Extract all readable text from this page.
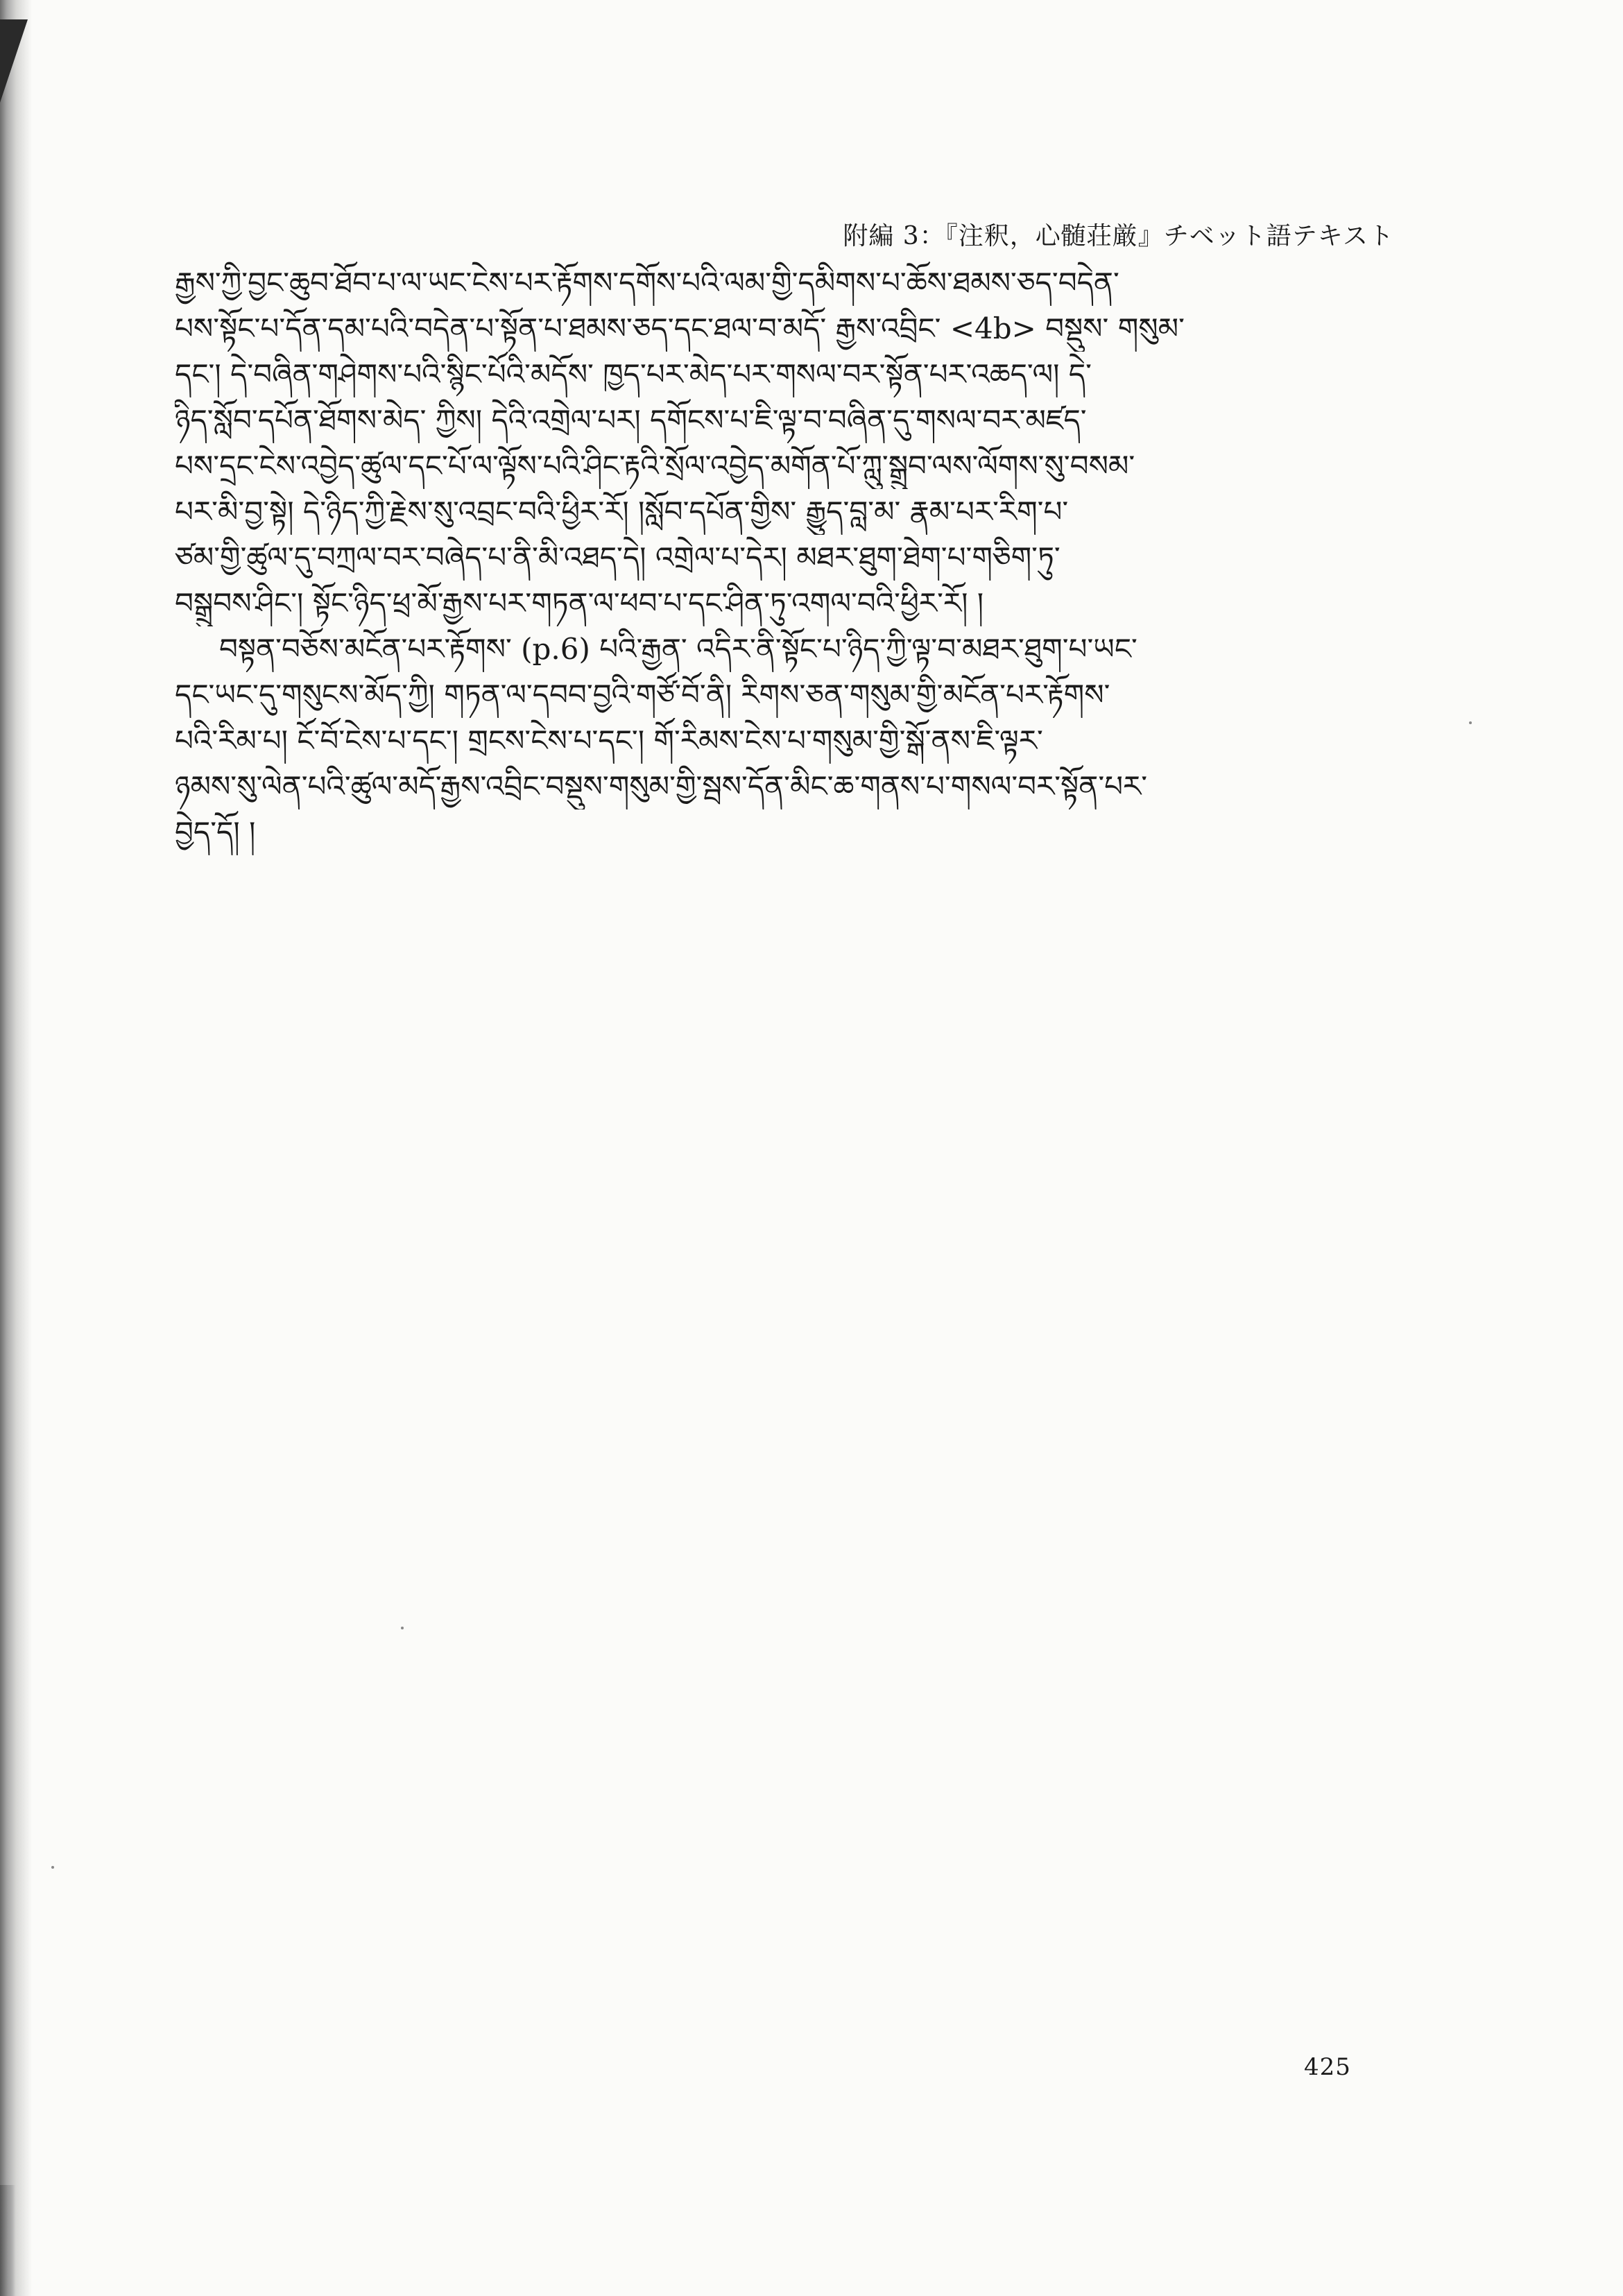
附編 3：『注釈，心髄荘厳』チベット語テキスト
རྒྱས་ཀྱི་བྱང་ཆུབ་ཐོབ་པ་ལ་ཡང་ངེས་པར་རྟོགས་དགོས་པའི་ལམ་གྱི་དམིགས་པ་ཆོས་ཐམས་ཅད་བདེན་
པས་སྟོང་པ་དོན་དམ་པའི་བདེན་པ་སྟོན་པ་ཐམས་ཅད་དང་ཐལ་བ་མདོ་ རྒྱས་འབྲིང་ <4b> བསྡུས་ གསུམ་
དང་། དེ་བཞིན་གཤེགས་པའི་སྙིང་པོའི་མདོས་ ཁྱད་པར་མེད་པར་གསལ་བར་སྟོན་པར་འཆད་ལ། དེ་
ཉིད་སློབ་དཔོན་ཐོགས་མེད་ ཀྱིས། དེའི་འགྲེལ་པར། དགོངས་པ་ཇི་ལྟ་བ་བཞིན་དུ་གསལ་བར་མཛད་
པས་དྲང་ངེས་འབྱེད་ཚུལ་དང་པོ་ལ་ལྟོས་པའི་ཤིང་རྟའི་སྲོལ་འབྱེད་མགོན་པོ་ཀླུ་སྒྲུབ་ལས་ལོགས་སུ་བསམ་
པར་མི་བྱ་སྟེ། དེ་ཉིད་ཀྱི་རྗེས་སུ་འབྲང་བའི་ཕྱིར་རོ། །སློབ་དཔོན་གྱིས་ རྒྱུད་བླ་མ་ རྣམ་པར་རིག་པ་
ཙམ་གྱི་ཚུལ་དུ་བཀྲལ་བར་བཞེད་པ་ནི་མི་འཐད་དེ། འགྲེལ་པ་དེར། མཐར་ཐུག་ཐེག་པ་གཅིག་ཏུ་
བསྒྲུབས་ཤིང་། སྟོང་ཉིད་ཕྲ་མོ་རྒྱས་པར་གཏན་ལ་ཕབ་པ་དང་ཤིན་ཏུ་འགལ་བའི་ཕྱིར་རོ། །
བསྟན་བཅོས་མངོན་པར་རྟོགས་ (p.6) པའི་རྒྱན་ འདིར་ནི་སྟོང་པ་ཉིད་ཀྱི་ལྟ་བ་མཐར་ཐུག་པ་ཡང་
དང་ཡང་དུ་གསུངས་མོད་ཀྱི། གཏན་ལ་དབབ་བྱའི་གཙོ་བོ་ནི། རིགས་ཅན་གསུམ་གྱི་མངོན་པར་རྟོགས་
པའི་རིམ་པ། ངོ་བོ་ངེས་པ་དང་། གྲངས་ངེས་པ་དང་། གོ་རིམས་ངེས་པ་གསུམ་གྱི་སྒོ་ནས་ཇི་ལྟར་
ཉམས་སུ་ལེན་པའི་ཚུལ་མདོ་རྒྱས་འབྲིང་བསྡུས་གསུམ་གྱི་སྦས་དོན་མིང་ཆ་གནས་པ་གསལ་བར་སྟོན་པར་
བྱེད་དོ། །
425
